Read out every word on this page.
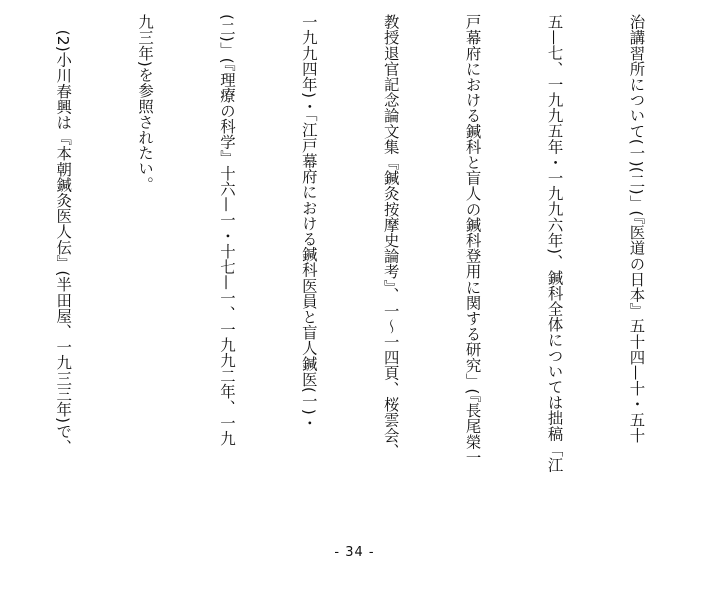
治講習所について(一)(二)」(『医道の日本』五十四—十・五十

五—七、一九九五年・一九九六年)、鍼科全体については拙稿「江

戸幕府における鍼科と盲人の鍼科登用に関する研究」(『長尾榮一

教授退官記念論文集『鍼灸按摩史論考』、一〜一四頁、桜雲会、

一九九四年)・「江戸幕府における鍼科医員と盲人鍼医(一)・

(二)」(『理療の科学』十六—一・十七—一、一九九二年、一九

九三年)を参照されたい。

　(2)小川春興は『本朝鍼灸医人伝』(半田屋、一九三三年)で、

- 34 -
